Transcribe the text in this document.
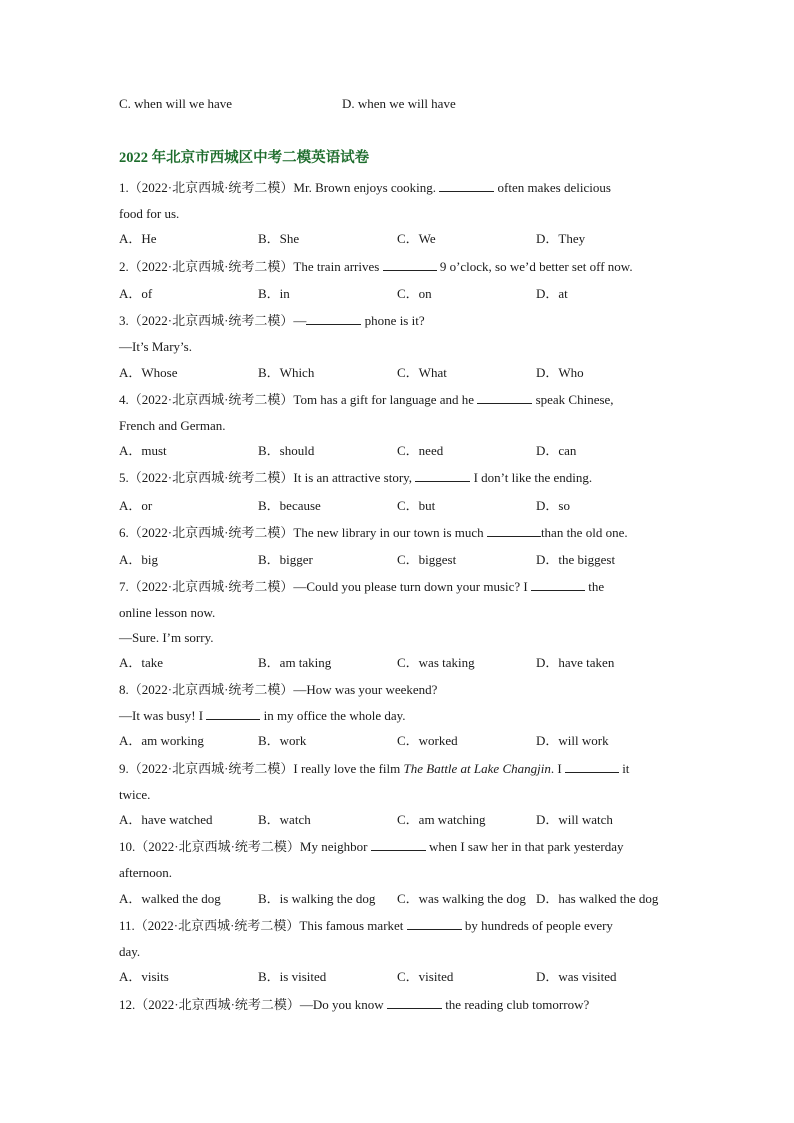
C. when will we have	D. when we will have
2022 年北京市西城区中考二模英语试卷
1.（2022·北京西城·统考二模）Mr. Brown enjoys cooking.	often makes delicious
food for us.
A．He	B．She	C．We	D．They
2.（2022·北京西城·统考二模）The train arrives	9 o’clock, so we’d better set off now.
A．of	B．in	C．on	D．at
3.（2022·北京西城·统考二模）—	phone is it?
—It’s Mary’s.
A．Whose	B．Which	C．What	D．Who
4.（2022·北京西城·统考二模）Tom has a gift for language and he	speak Chinese,
French and German.
A．must	B．should	C．need	D．can
5.（2022·北京西城·统考二模）It is an attractive story,	I don’t like the ending.
A．or	B．because	C．but	D．so
6.（2022·北京西城·统考二模）The new library in our town is much	than the old one.
A．big	B．bigger	C．biggest	D．the biggest
7.（2022·北京西城·统考二模）—Could you please turn down your music? I	the
online lesson now.
—Sure. I’m sorry.
A．take	B．am taking	C．was taking	D．have taken
8.（2022·北京西城·统考二模）—How was your weekend?
—It was busy! I	in my office the whole day.
A．am working	B．work	C．worked	D．will work
9.（2022·北京西城·统考二模）I really love the film The Battle at Lake Changjin. I	it
twice.
A．have watched	B．watch	C．am watching	D．will watch
10.（2022·北京西城·统考二模）My neighbor	when I saw her in that park yesterday
afternoon.
A．walked the dog	B．is walking the dog C．was walking the dog D．has walked the dog
11.（2022·北京西城·统考二模）This famous market	by hundreds of people every
day.
A．visits	B．is visited	C．visited	D．was visited
12.（2022·北京西城·统考二模）—Do you know	the reading club tomorrow?
